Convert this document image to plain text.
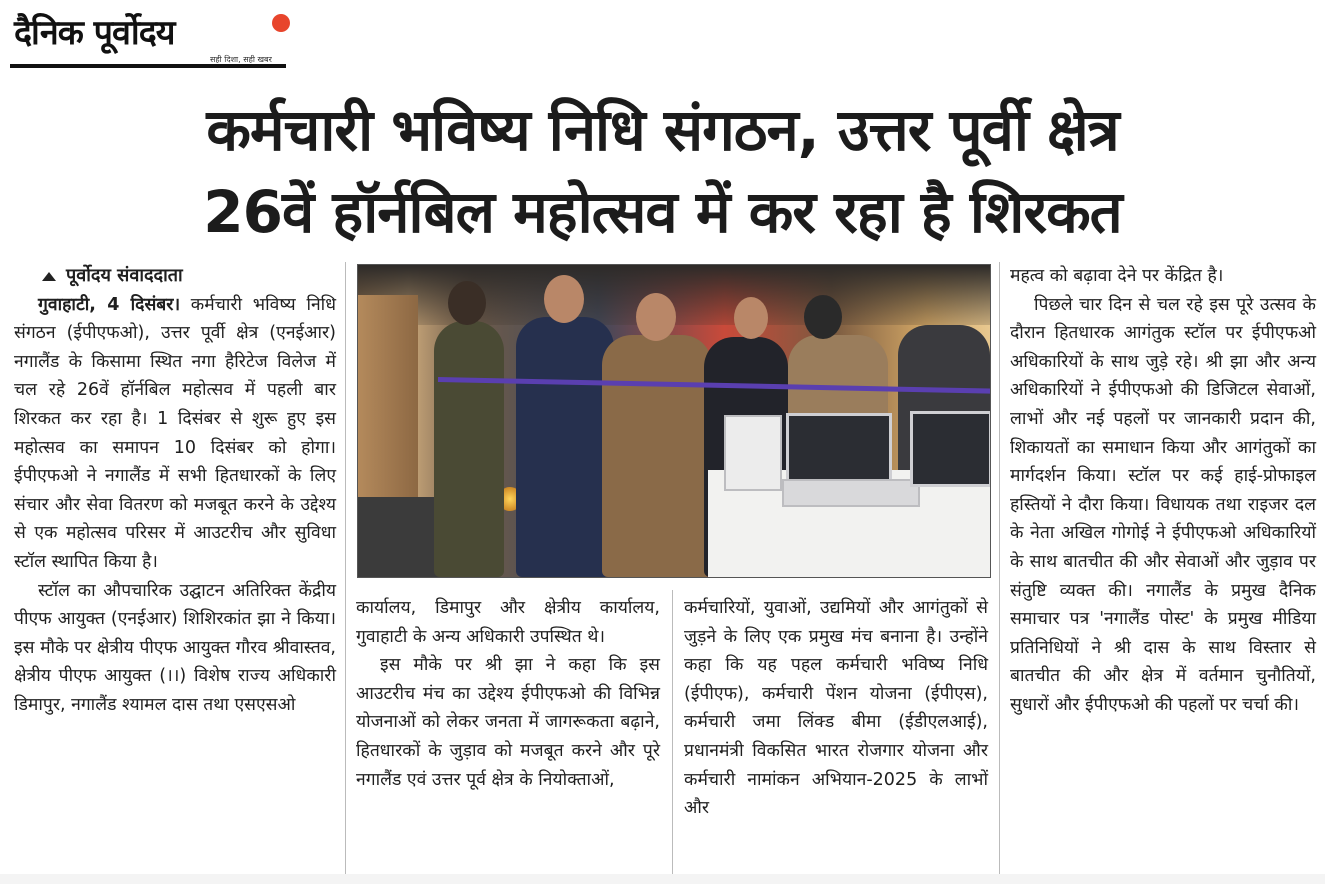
दैनिक पूर्वोदय
सही दिशा, सही खबर
कर्मचारी भविष्य निधि संगठन, उत्तर पूर्वी क्षेत्र
26वें हॉर्नबिल महोत्सव में कर रहा है शिरकत

पूर्वोदय संवाददाता

गुवाहाटी, 4 दिसंबर। कर्मचारी भविष्य निधि संगठन (ईपीएफओ), उत्तर पूर्वी क्षेत्र (एनईआर) नगालैंड के किसामा स्थित नगा हैरिटेज विलेज में चल रहे 26वें हॉर्नबिल महोत्सव में पहली बार शिरकत कर रहा है। 1 दिसंबर से शुरू हुए इस महोत्सव का समापन 10 दिसंबर को होगा। ईपीएफओ ने नगालैंड में सभी हितधारकों के लिए संचार और सेवा वितरण को मजबूत करने के उद्देश्य से एक महोत्सव परिसर में आउटरीच और सुविधा स्टॉल स्थापित किया है।

स्टॉल का औपचारिक उद्घाटन अतिरिक्त केंद्रीय पीएफ आयुक्त (एनईआर) शिशिरकांत झा ने किया। इस मौके पर क्षेत्रीय पीएफ आयुक्त गौरव श्रीवास्तव, क्षेत्रीय पीएफ आयुक्त (।।) विशेष राज्य अधिकारी डिमापुर, नगालैंड श्यामल दास तथा एसएसओ

कार्यालय, डिमापुर और क्षेत्रीय कार्यालय, गुवाहाटी के अन्य अधिकारी उपस्थित थे।

इस मौके पर श्री झा ने कहा कि इस आउटरीच मंच का उद्देश्य ईपीएफओ की विभिन्न योजनाओं को लेकर जनता में जागरूकता बढ़ाने, हितधारकों के जुड़ाव को मजबूत करने और पूरे नगालैंड एवं उत्तर पूर्व क्षेत्र के नियोक्ताओं,

कर्मचारियों, युवाओं, उद्यमियों और आगंतुकों से जुड़ने के लिए एक प्रमुख मंच बनाना है। उन्होंने कहा कि यह पहल कर्मचारी भविष्य निधि (ईपीएफ), कर्मचारी पेंशन योजना (ईपीएस), कर्मचारी जमा लिंक्ड बीमा (ईडीएलआई), प्रधानमंत्री विकसित भारत रोजगार योजना और कर्मचारी नामांकन अभियान-2025 के लाभों और

महत्व को बढ़ावा देने पर केंद्रित है।

पिछले चार दिन से चल रहे इस पूरे उत्सव के दौरान हितधारक आगंतुक स्टॉल पर ईपीएफओ अधिकारियों के साथ जुड़े रहे। श्री झा और अन्य अधिकारियों ने ईपीएफओ की डिजिटल सेवाओं, लाभों और नई पहलों पर जानकारी प्रदान की, शिकायतों का समाधान किया और आगंतुकों का मार्गदर्शन किया। स्टॉल पर कई हाई-प्रोफाइल हस्तियों ने दौरा किया। विधायक तथा राइजर दल के नेता अखिल गोगोई ने ईपीएफओ अधिकारियों के साथ बातचीत की और सेवाओं और जुड़ाव पर संतुष्टि व्यक्त की। नगालैंड के प्रमुख दैनिक समाचार पत्र 'नगालैंड पोस्ट' के प्रमुख मीडिया प्रतिनिधियों ने श्री दास के साथ विस्तार से बातचीत की और क्षेत्र में वर्तमान चुनौतियों, सुधारों और ईपीएफओ की पहलों पर चर्चा की।
